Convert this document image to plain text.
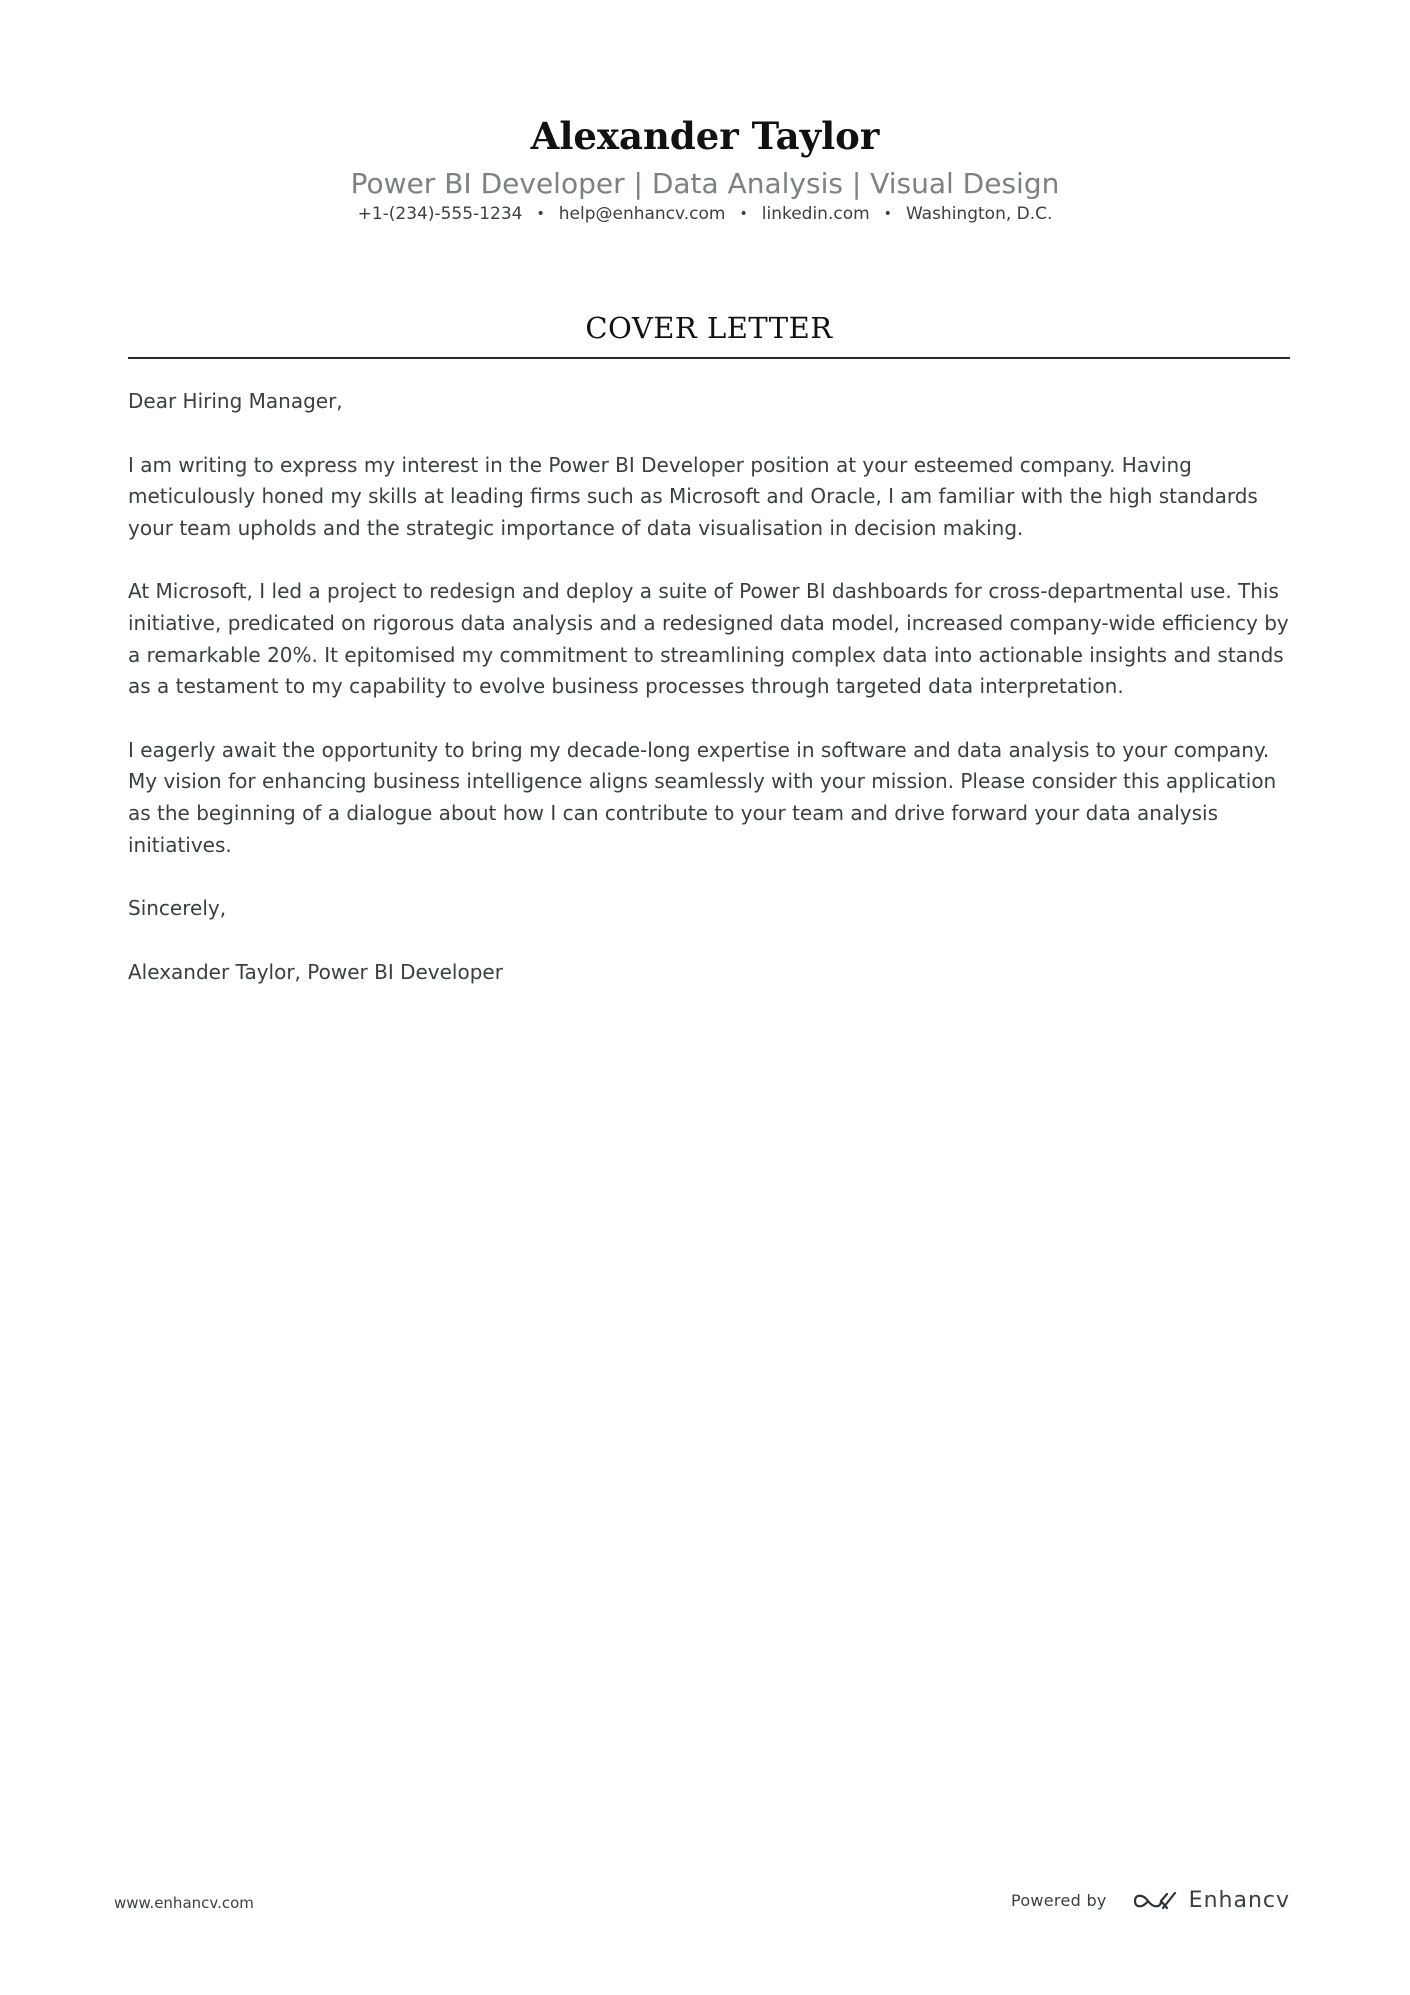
Alexander Taylor
Power BI Developer | Data Analysis | Visual Design
+1-(234)-555-1234 • help@enhancv.com • linkedin.com • Washington, D.C.
COVER LETTER

Dear Hiring Manager,

I am writing to express my interest in the Power BI Developer position at your esteemed company. Having meticulously honed my skills at leading firms such as Microsoft and Oracle, I am familiar with the high standards your team upholds and the strategic importance of data visualisation in decision making.

At Microsoft, I led a project to redesign and deploy a suite of Power BI dashboards for cross-departmental use. This initiative, predicated on rigorous data analysis and a redesigned data model, increased company-wide efficiency by a remarkable 20%. It epitomised my commitment to streamlining complex data into actionable insights and stands as a testament to my capability to evolve business processes through targeted data interpretation.

I eagerly await the opportunity to bring my decade-long expertise in software and data analysis to your company. My vision for enhancing business intelligence aligns seamlessly with your mission. Please consider this application as the beginning of a dialogue about how I can contribute to your team and drive forward your data analysis initiatives.

Sincerely,

Alexander Taylor, Power BI Developer

www.enhancv.com	Powered by	Enhancv
